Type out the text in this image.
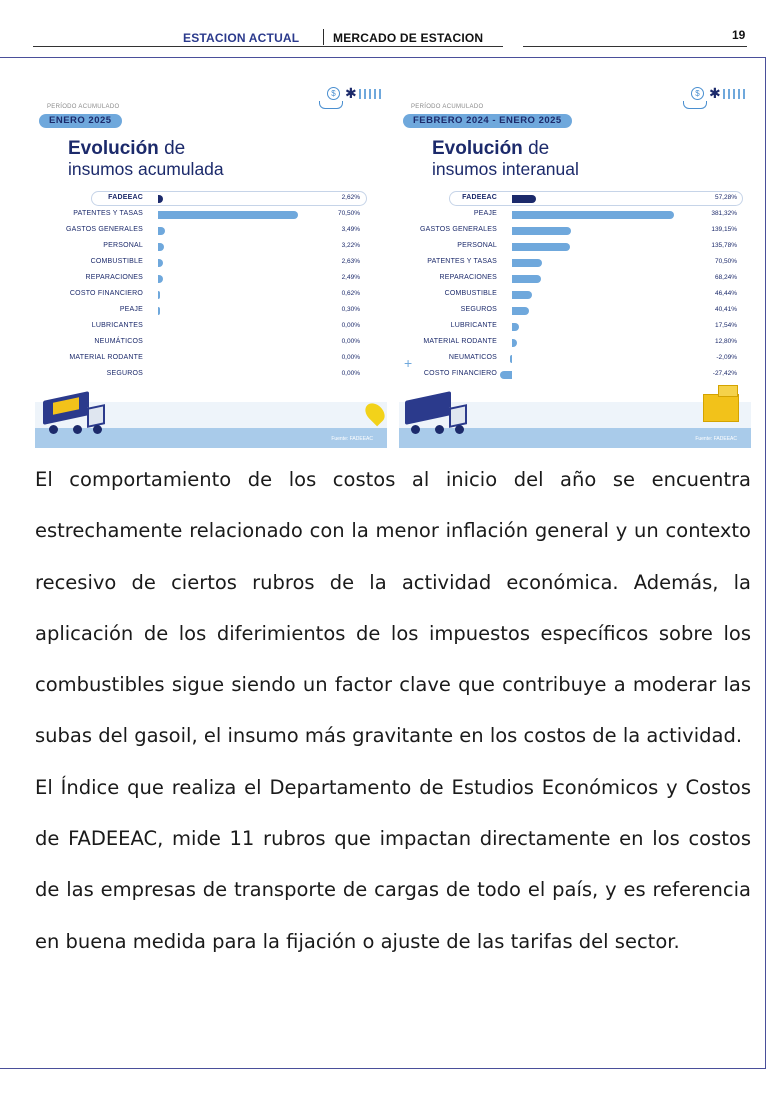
ESTACION ACTUAL	MERCADO DE ESTACION	19
$ ✱
PERÍODO ACUMULADO
ENERO 2025
Evolución de
insumos acumulada
FADEEAC	2,62%
PATENTES Y TASAS	70,50%
GASTOS GENERALES	3,49%
PERSONAL	3,22%
COMBUSTIBLE	2,63%
REPARACIONES	2,49%
COSTO FINANCIERO	0,62%
PEAJE	0,30%
LUBRICANTES	0,00%
NEUMÁTICOS	0,00%
MATERIAL RODANTE	0,00%
SEGUROS	0,00%
Fuente: FADEEAC
$ ✱
PERÍODO ACUMULADO
FEBRERO 2024 - ENERO 2025
Evolución de
insumos interanual
FADEEAC	57,28%
PEAJE	381,32%
GASTOS GENERALES	139,15%
PERSONAL	135,78%
PATENTES Y TASAS	70,50%
REPARACIONES	68,24%
COMBUSTIBLE	46,44%
SEGUROS	40,41%
LUBRICANTE	17,54%
MATERIAL RODANTE	12,80%
NEUMATICOS	-2,09%
COSTO FINANCIERO	-27,42%
+
Fuente: FADEEAC

El comportamiento de los costos al inicio del año se encuentra estrechamente relacionado con la menor inflación general y un contexto recesivo de ciertos rubros de la actividad económica. Además, la aplicación de los diferimientos de los impuestos específicos sobre los combustibles sigue siendo un factor clave que contribuye a moderar las subas del gasoil, el insumo más gravitante en los costos de la actividad.

El Índice que realiza el Departamento de Estudios Económicos y Costos de FADEEAC, mide 11 rubros que impactan directamente en los costos de las empresas de transporte de cargas de todo el país, y es referencia en buena medida para la fijación o ajuste de las tarifas del sector.
